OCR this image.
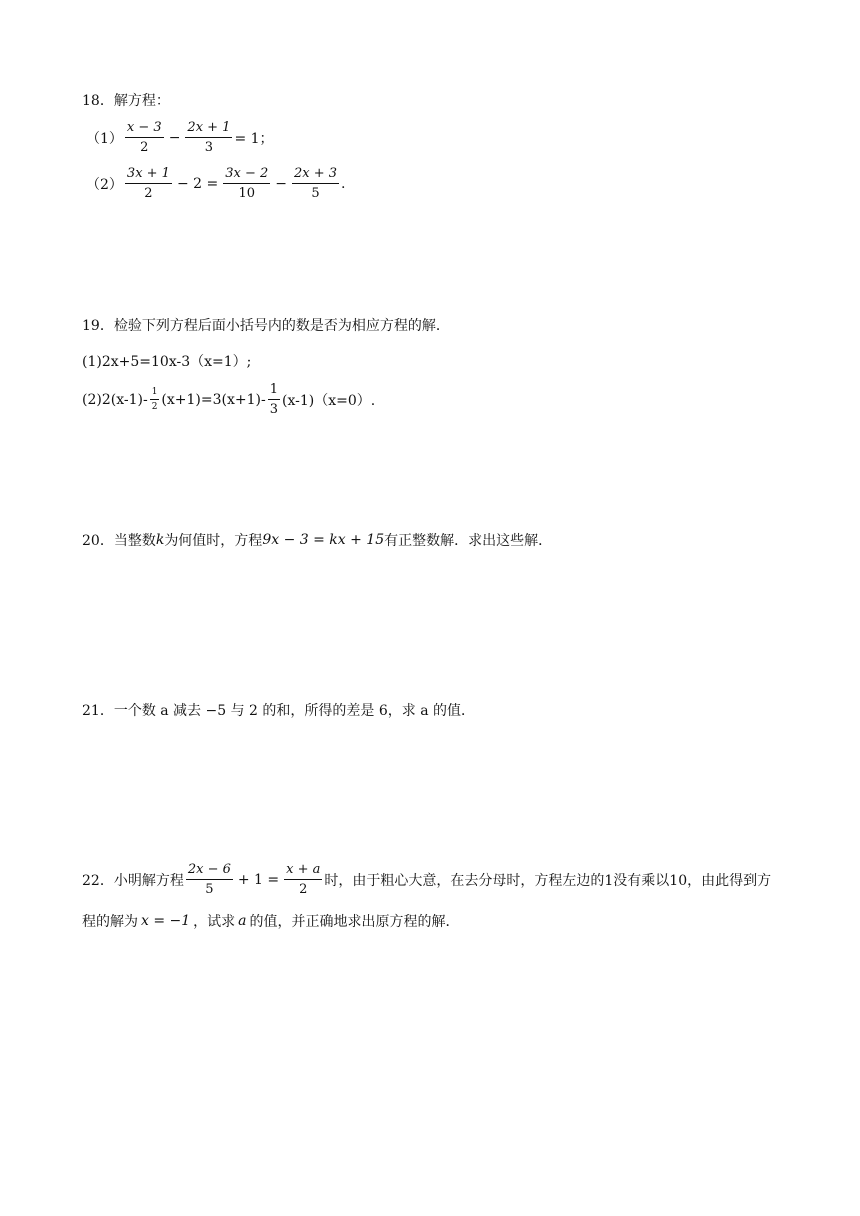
18．解方程：
$(1) \frac{x - 3}{2} - \frac{2x + 1}{3} = 1$；
$(2) \frac{3x + 1}{2} - 2 = \frac{3x - 2}{10} - \frac{2x + 3}{5}$ .
19．检验下列方程后面小括号内的数是否为相应方程的解．
(1)2x+5=10x-3（x=1）;
$(2)2(x-1)- \frac{1}{2} (x+1)=3(x+1)- \frac{1}{3} (x-1)(x=0)$.
20．当整数 k 为何值时，方程 9x − 3 = kx + 15 有正整数解．求出这些解．
21．一个数 a 减去 −5 与 2 的和，所得的差是 6，求 a 的值．
22．小明解方程 $\frac{2x - 6}{5} + 1 = \frac{x + a}{2}$ 时，由于粗心大意，在去分母时，方程左边的1没有乘以10，由此得到方
程的解为 x = −1 ，试求 a 的值，并正确地求出原方程的解．
